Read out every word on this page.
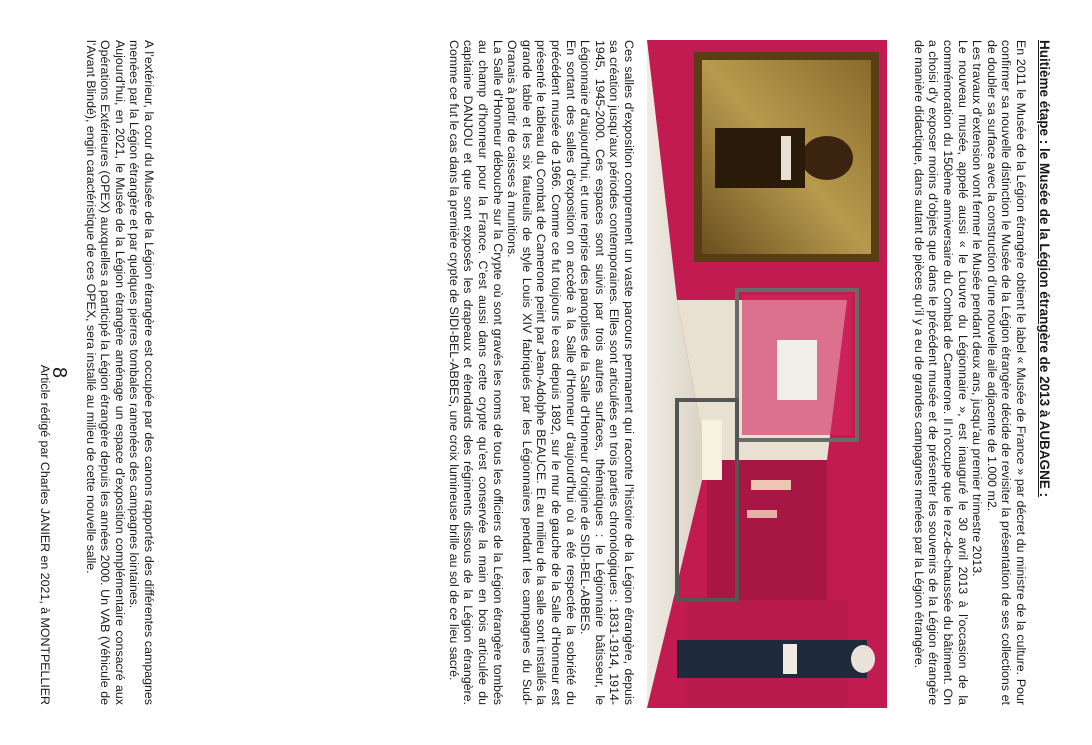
Huitième étape : le Musée de la Légion étrangère de 2013 à AUBAGNE :

En 2011 le Musée de la Légion étrangère obtient le label « Musée de France » par décret du ministre de la culture. Pour confirmer sa nouvelle distinction le Musée de la Légion étrangère décide de revisiter la présentation de ses collections et de doubler sa surface avec la construction d’une nouvelle aile adjacente de 1.000 m2.

Les travaux d’extension vont fermer le Musée pendant deux ans, jusqu’au premier trimestre 2013.

Le nouveau musée, appelé aussi « le Louvre du Légionnaire », est inauguré le 30 avril 2013 à l’occasion de la commémoration du 150ème anniversaire du Combat de Camerone. Il n’occupe que le rez-de-chaussée du bâtiment. On a choisi d’y exposer moins d’objets que dans le précédent musée et de présenter les souvenirs de la Légion étrangère de manière didactique, dans autant de pièces qu’il y a eu de grandes campagnes menées par la Légion étrangère.

Ces salles d’exposition comprennent un vaste parcours permanent qui raconte l’histoire de la Légion étrangère, depuis sa création jusqu’aux périodes contemporaines. Elles sont articulées en trois parties chronologiques : 1831-1914, 1914-1945, 1945-2000. Ces espaces sont suivis par trois autres surfaces, thématiques : le Légionnaire bâtisseur, le Légionnaire d’aujourd’hui, et une reprise des panoplies de la Salle d’Honneur d’origine de SIDI-BEL-ABBES.

En sortant des salles d’exposition on accède à la Salle d’Honneur d’aujourd’hui où a été respectée la sobriété du précédent musée de 1966. Comme ce fut toujours le cas depuis 1892, sur le mur de gauche de la Salle d’Honneur est présenté le tableau du Combat de Camerone peint par Jean-Adolphe BEAUCE. Et au milieu de la salle sont installés la grande table et les six fauteuils de style Louis XIV fabriqués par les Légionnaires pendant les campagnes du Sud-Oranais à partir de caisses à munitions.

La Salle d’Honneur débouche sur la Crypte où sont gravés les noms de tous les officiers de la Légion étrangère tombés au champ d’honneur pour la France. C’est aussi dans cette crypte qu’est conservée la main en bois articulée du capitaine DANJOU et que sont exposés les drapeaux et étendards des régiments dissous de la Légion étrangère. Comme ce fut le cas dans la première crypte de SIDI-BEL-ABBES, une croix lumineuse brille au sol de ce lieu sacré.

A l’extérieur, la cour du Musée de la Légion étrangère est occupée par des canons rapportés des différentes campagnes menées par la Légion étrangère et par quelques pierres tombales ramenées des campagnes lointaines.

Aujourd’hui, en 2021, le Musée de la Légion étrangère aménage un espace d’exposition complémentaire consacré aux Opérations Extérieures (OPEX) auxquelles a participé la Légion étrangère depuis les années 2000. Un VAB (Véhicule de l’Avant Blindé), engin caractéristique de ces OPEX, sera installé au milieu de cette nouvelle salle.

8
Article rédigé par Charles JANIER en 2021, à MONTPELLIER
